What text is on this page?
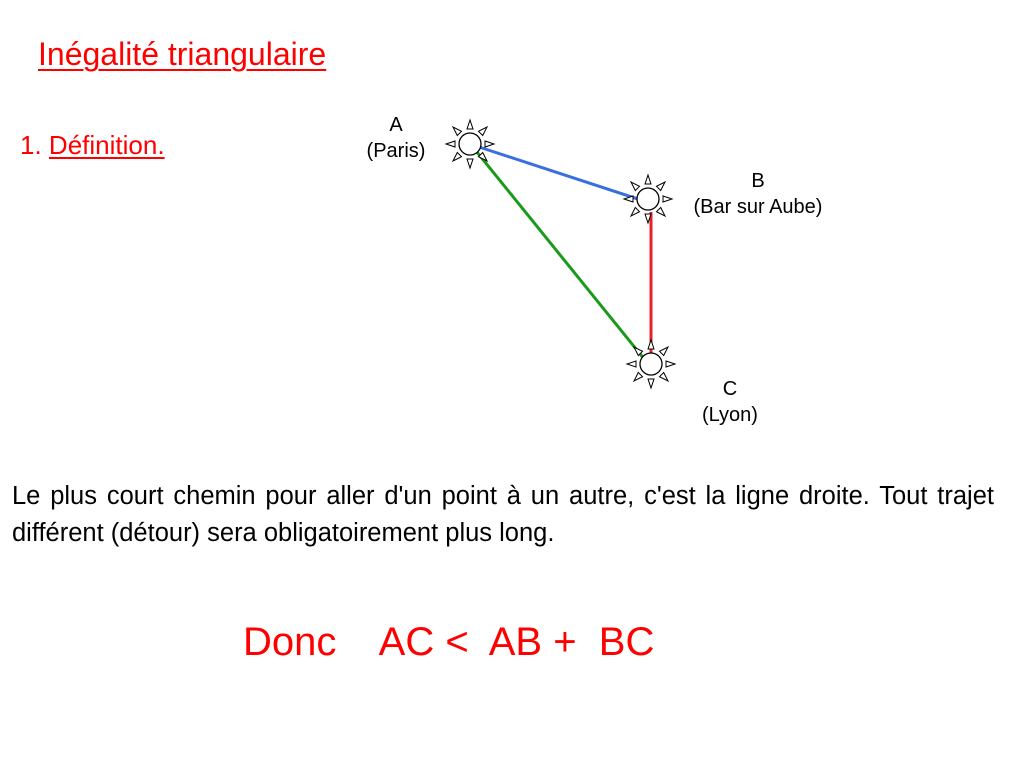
Inégalité triangulaire
1. Définition.
A
(Paris)
B
(Bar sur Aube)
C
(Lyon)
Le plus court chemin pour aller d'un point à un autre, c'est la ligne droite. Tout trajet différent (détour) sera obligatoirement plus long.
Donc AC < AB + BC
